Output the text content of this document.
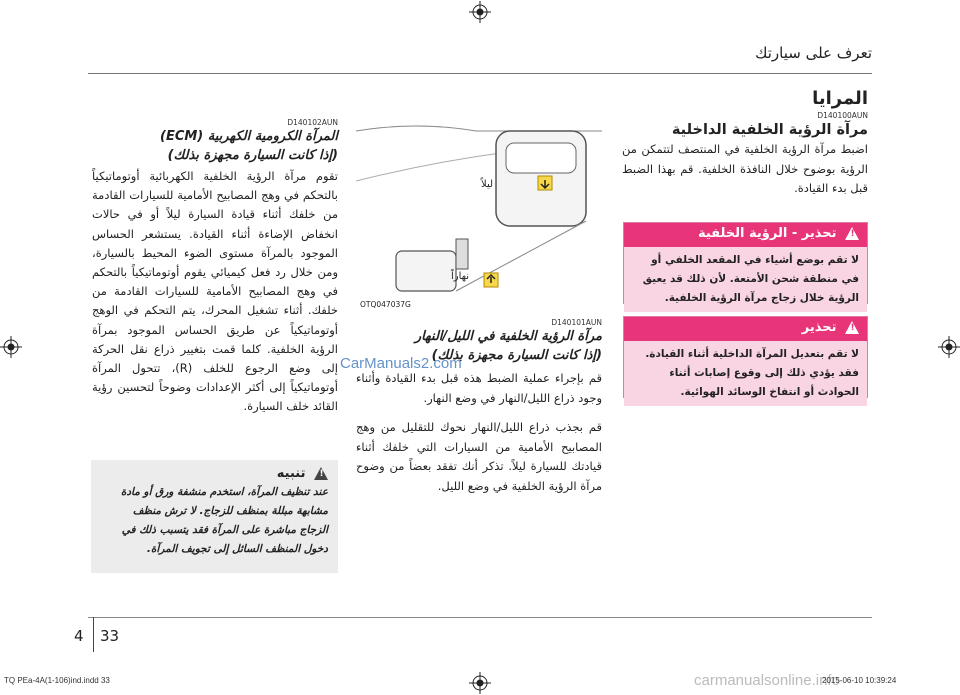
تعرف على سيارتك
المرايا
D140100AUN
مرآة الرؤية الخلفية الداخلية
اضبط مرآة الرؤية الخلفية في المنتصف لتتمكن من الرؤية بوضوح خلال النافذة الخلفية. قم بهذا الضبط قبل بدء القيادة.
!
تحذير - الرؤية الخلفية
لا تقم بوضع أشياء في المقعد الخلفي أو في منطقة شحن الأمتعة. لأن ذلك قد يعيق الرؤية خلال زجاج مرآة الرؤية الخلفية.
!
تحذير
لا تقم بتعديل المرآة الداخلية أثناء القيادة. فقد يؤدي ذلك إلى وقوع إصابات أثناء الحوادث أو انتفاخ الوسائد الهوائية.
ليلاً
نهاراً
OTQ047037G
D140101AUN
مرآة الرؤية الخلفية في الليل/النهار
(إذا كانت السيارة مجهزة بذلك)
قم بإجراء عملية الضبط هذه قبل بدء القيادة وأثناء وجود ذراع الليل/النهار في وضع النهار.
قم بجذب ذراع الليل/النهار نحوك للتقليل من وهج المصابيح الأمامية من السيارات التي خلفك أثناء قيادتك للسيارة ليلاً. تذكر أنك تفقد بعضاً من وضوح مرآة الرؤية الخلفية في وضع الليل.
D140102AUN
المرآة الكرومية الكهربية (ECM)
(إذا كانت السيارة مجهزة بذلك)
تقوم مرآة الرؤية الخلفية الكهربائية أوتوماتيكياً بالتحكم في وهج المصابيح الأمامية للسيارات القادمة من خلفك أثناء قيادة السيارة ليلاً أو في حالات انخفاض الإضاءة أثناء القيادة. يستشعر الحساس الموجود بالمرآة مستوى الضوء المحيط بالسيارة، ومن خلال رد فعل كيميائي يقوم أوتوماتيكياً بالتحكم في وهج المصابيح الأمامية للسيارات القادمة من خلفك. أثناء تشغيل المحرك، يتم التحكم في الوهج أوتوماتيكياً عن طريق الحساس الموجود بمرآة الرؤية الخلفية. كلما قمت بتغيير ذراع نقل الحركة إلى وضع الرجوع للخلف (R)، تتحول المرآة أوتوماتيكياً إلى أكثر الإعدادات وضوحاً لتحسين رؤية القائد خلف السيارة.
!
تنبيه
عند تنظيف المرآة، استخدم منشفة ورق أو مادة مشابهة مبللة بمنظف للزجاج. لا ترش منظف الزجاج مباشرة على المرآة فقد يتسبب ذلك في دخول المنظف السائل إلى تجويف المرآة.
CarManuals2.com
carmanualsonline.info
4 33
TQ PEa-4A(1-106)ind.indd 33	2015-06-10 10:39:24
